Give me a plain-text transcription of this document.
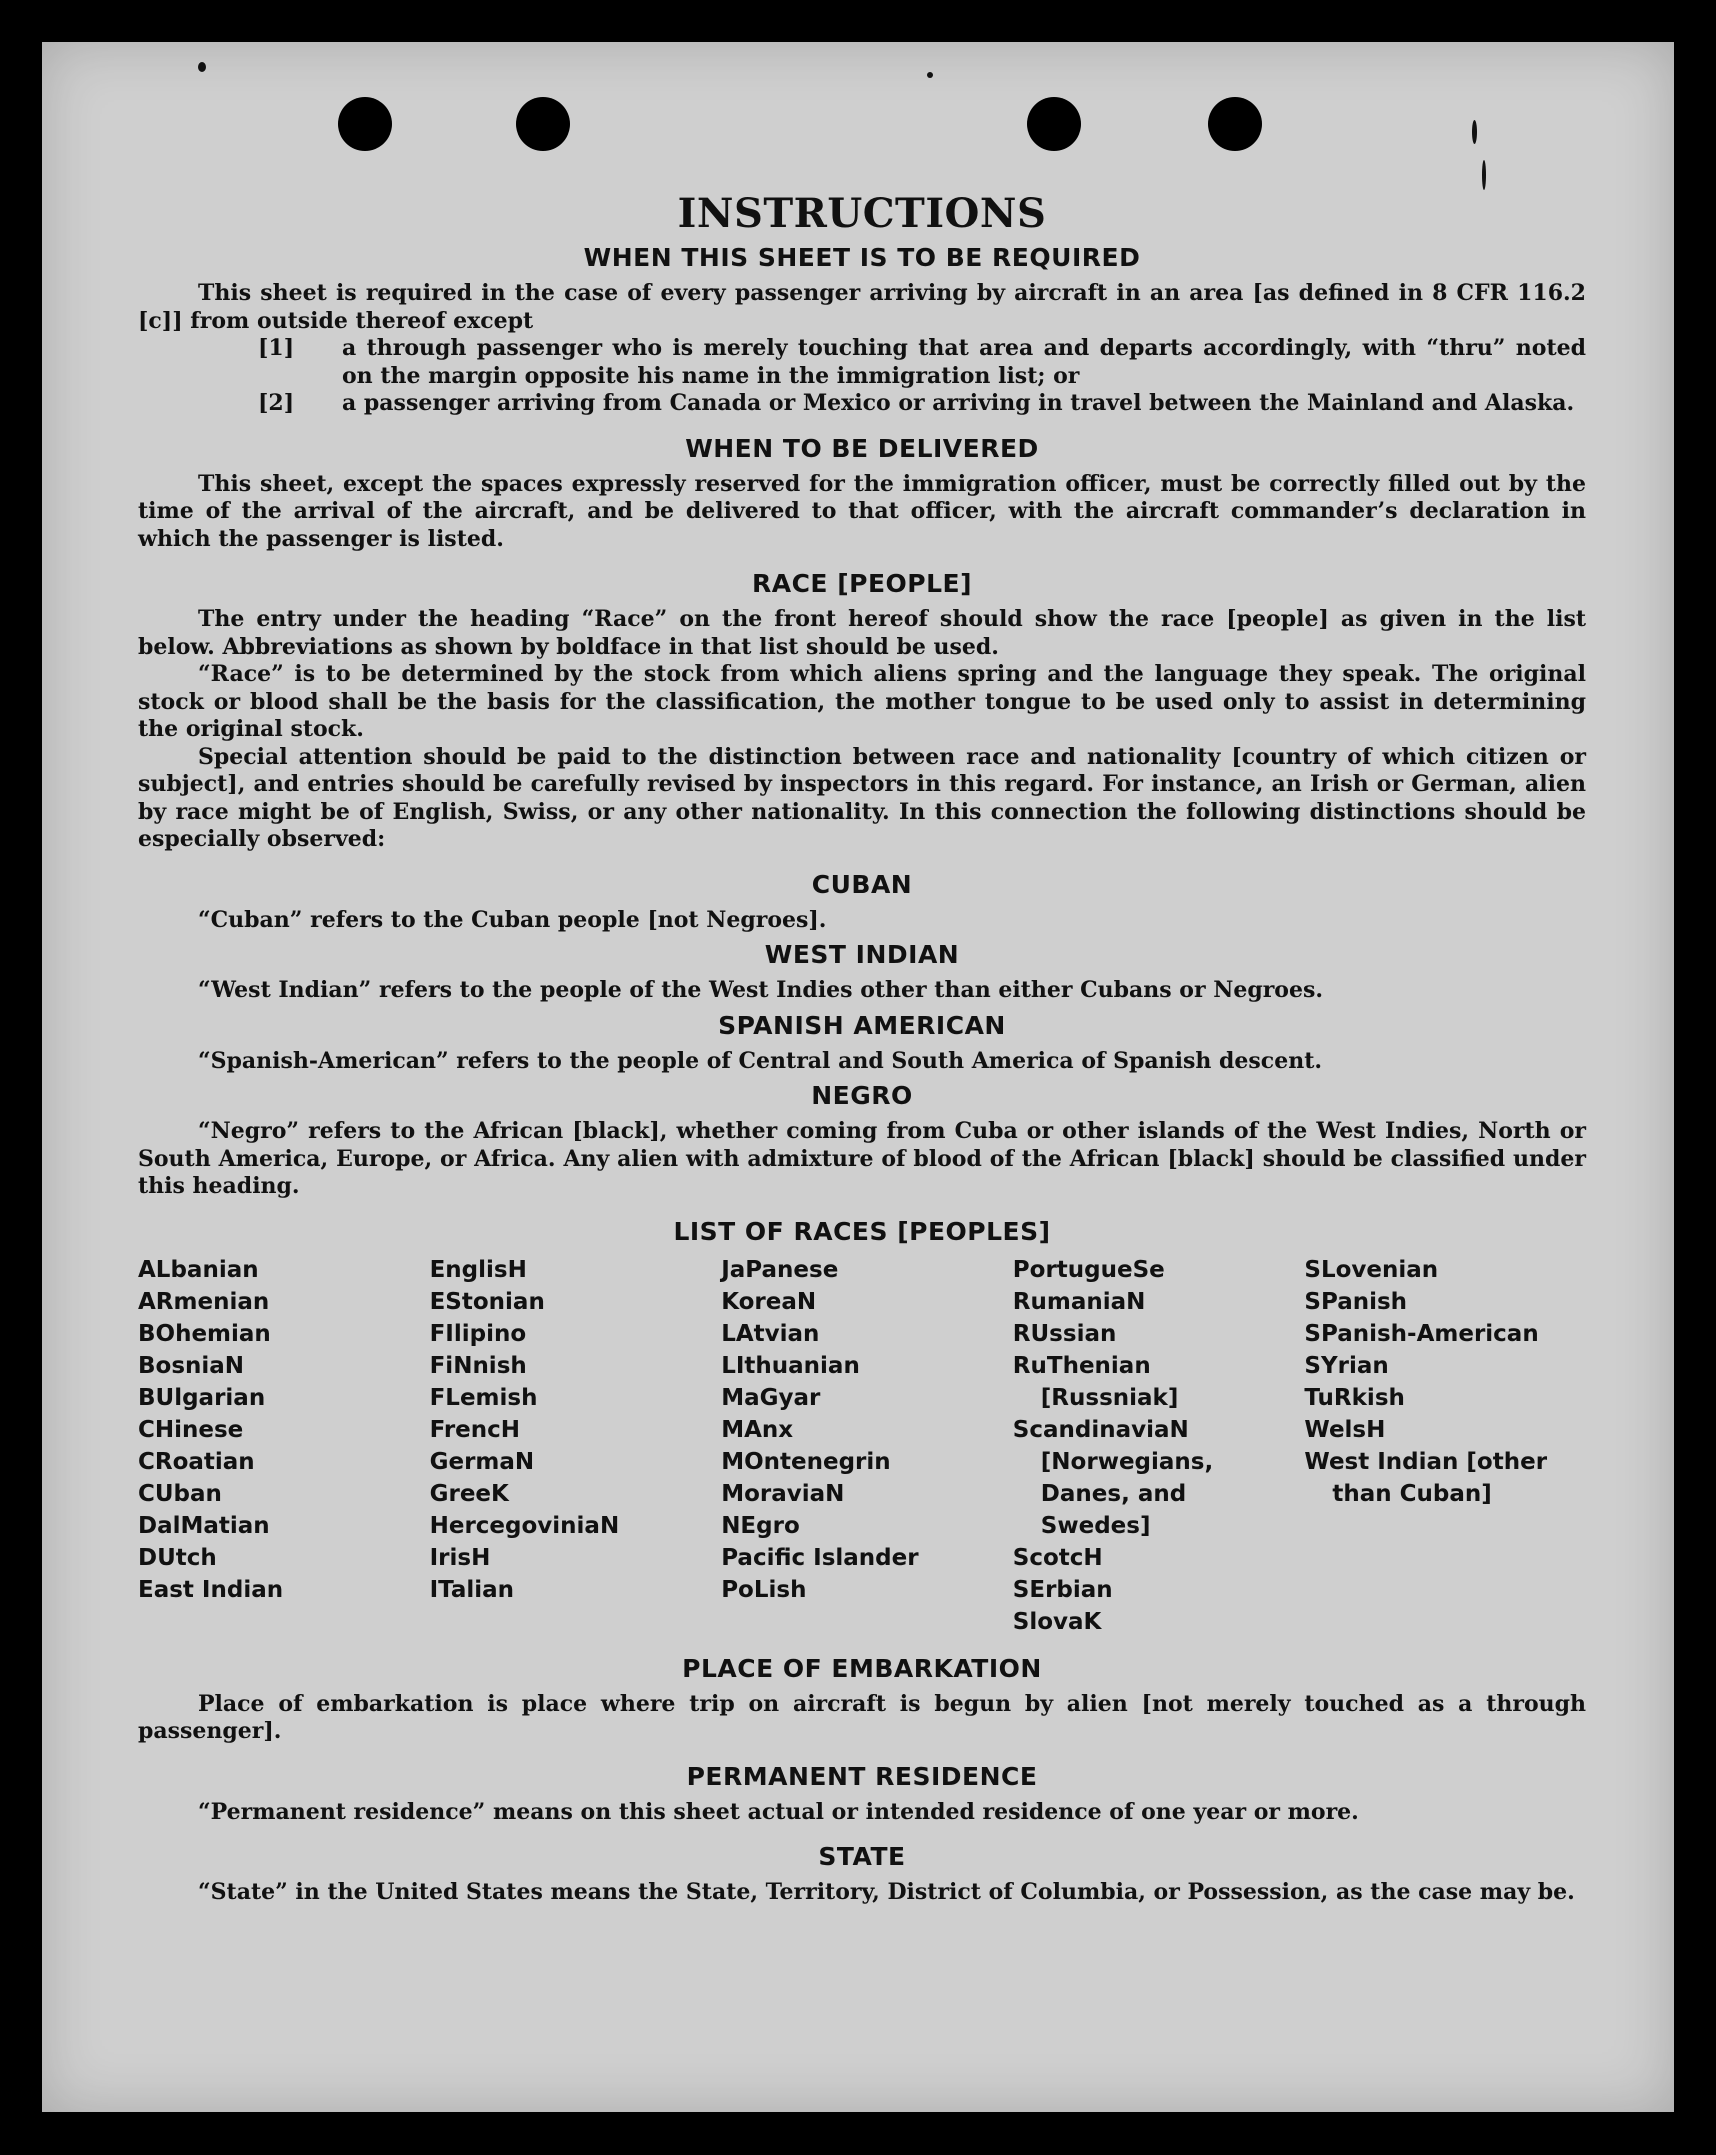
INSTRUCTIONS
WHEN THIS SHEET IS TO BE REQUIRED

This sheet is required in the case of every passenger arriving by aircraft in an area [as defined in 8 CFR 116.2 [c]] from outside thereof except

[1] a through passenger who is merely touching that area and departs accordingly, with “thru” noted on the margin opposite his name in the immigration list; or

[2] a passenger arriving from Canada or Mexico or arriving in travel between the Mainland and Alaska.

WHEN TO BE DELIVERED

This sheet, except the spaces expressly reserved for the immigration officer, must be correctly filled out by the time of the arrival of the aircraft, and be delivered to that officer, with the aircraft commander’s declaration in which the passenger is listed.

RACE [PEOPLE]

The entry under the heading “Race” on the front hereof should show the race [people] as given in the list below. Abbreviations as shown by boldface in that list should be used.

“Race” is to be determined by the stock from which aliens spring and the language they speak. The original stock or blood shall be the basis for the classification, the mother tongue to be used only to assist in determining the original stock.

Special attention should be paid to the distinction between race and nationality [country of which citizen or subject], and entries should be carefully revised by inspectors in this regard. For instance, an Irish or German, alien by race might be of English, Swiss, or any other nationality. In this connection the following distinctions should be especially observed:

CUBAN

“Cuban” refers to the Cuban people [not Negroes].

WEST INDIAN

“West Indian” refers to the people of the West Indies other than either Cubans or Negroes.

SPANISH AMERICAN

“Spanish-American” refers to the people of Central and South America of Spanish descent.

NEGRO

“Negro” refers to the African [black], whether coming from Cuba or other islands of the West Indies, North or South America, Europe, or Africa. Any alien with admixture of blood of the African [black] should be classified under this heading.

LIST OF RACES [PEOPLES]
ALbanian
ARmenian
BOhemian
BosniaN
BUlgarian
CHinese
CRoatian
CUban
DalMatian
DUtch
East Indian
EnglisH
EStonian
FIlipino
FiNnish
FLemish
FrencH
GermaN
GreeK
HercegoviniaN
IrisH
ITalian
JaPanese
KoreaN
LAtvian
LIthuanian
MaGyar
MAnx
MOntenegrin
MoraviaN
NEgro
Pacific Islander
PoLish
PortugueSe
RumaniaN
RUssian
RuThenian [Russniak]
ScandinaviaN [Norwegians, Danes, and Swedes]
ScotcH
SErbian
SlovaK
SLovenian
SPanish
SPanish-American
SYrian
TuRkish
WelsH
West Indian [other than Cuban]
PLACE OF EMBARKATION

Place of embarkation is place where trip on aircraft is begun by alien [not merely touched as a through passenger].

PERMANENT RESIDENCE

“Permanent residence” means on this sheet actual or intended residence of one year or more.

STATE

“State” in the United States means the State, Territory, District of Columbia, or Possession, as the case may be.
